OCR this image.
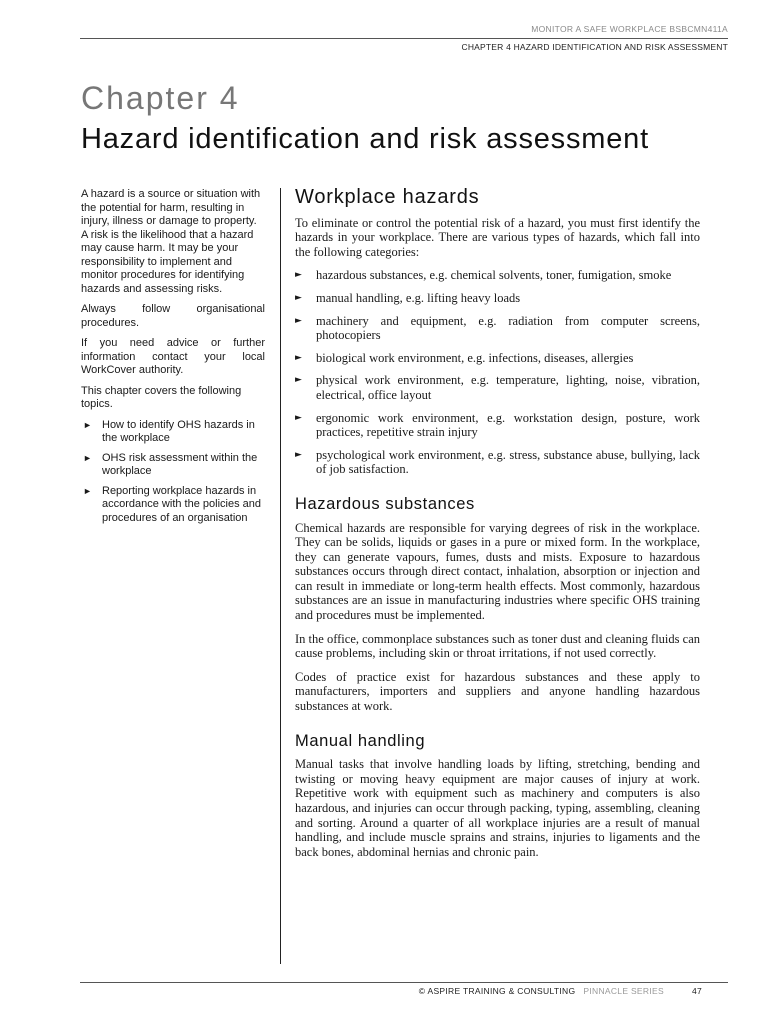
MONITOR A SAFE WORKPLACE BSBCMN411A
CHAPTER 4 HAZARD IDENTIFICATION AND RISK ASSESSMENT
Chapter 4
Hazard identification and risk assessment

A hazard is a source or situation with the potential for harm, resulting in injury, illness or damage to property. A risk is the likelihood that a hazard may cause harm. It may be your responsibility to implement and monitor procedures for identifying hazards and assessing risks.

Always follow organisational procedures.

If you need advice or further information contact your local WorkCover authority.

This chapter covers the following topics.

► How to identify OHS hazards in the workplace
► OHS risk assessment within the workplace
► Reporting workplace hazards in accordance with the policies and procedures of an organisation
Workplace hazards

To eliminate or control the potential risk of a hazard, you must first identify the hazards in your workplace. There are various types of hazards, which fall into the following categories:

► hazardous substances, e.g. chemical solvents, toner, fumigation, smoke
► manual handling, e.g. lifting heavy loads
► machinery and equipment, e.g. radiation from computer screens, photocopiers
► biological work environment, e.g. infections, diseases, allergies
► physical work environment, e.g. temperature, lighting, noise, vibration, electrical, office layout
► ergonomic work environment, e.g. workstation design, posture, work practices, repetitive strain injury
► psychological work environment, e.g. stress, substance abuse, bullying, lack of job satisfaction.
Hazardous substances

Chemical hazards are responsible for varying degrees of risk in the workplace. They can be solids, liquids or gases in a pure or mixed form. In the workplace, they can generate vapours, fumes, dusts and mists. Exposure to hazardous substances occurs through direct contact, inhalation, absorption or injection and can result in immediate or long-term health effects. Most commonly, hazardous substances are an issue in manufacturing industries where specific OHS training and procedures must be implemented.

In the office, commonplace substances such as toner dust and cleaning fluids can cause problems, including skin or throat irritations, if not used correctly.

Codes of practice exist for hazardous substances and these apply to manufacturers, importers and suppliers and anyone handling hazardous substances at work.

Manual handling

Manual tasks that involve handling loads by lifting, stretching, bending and twisting or moving heavy equipment are major causes of injury at work. Repetitive work with equipment such as machinery and computers is also hazardous, and injuries can occur through packing, typing, assembling, cleaning and sorting. Around a quarter of all workplace injuries are a result of manual handling, and include muscle sprains and strains, injuries to ligaments and the back bones, abdominal hernias and chronic pain.

© ASPIRE TRAINING & CONSULTING PINNACLE SERIES	47
